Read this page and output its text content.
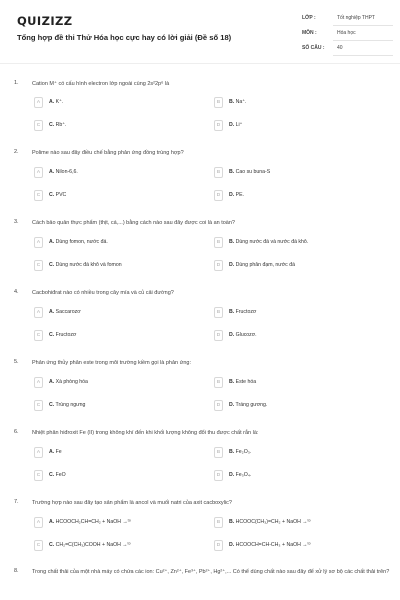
QUIZIZZ
Tổng hợp đề thi Thử Hóa học cực hay có lời giải (Đề số 18)
LỚP :	Tốt nghiệp THPT
MÔN :	Hóa học
SỐ CÂU :	40
1. Cation M⁺ có cấu hình electron lớp ngoài cùng 2s²2p⁶ là
A	A. K⁺.	B	B. Na⁺.
C	C. Rb⁺.	D	D. Li⁺
2. Polime nào sau đây điều chế bằng phản ứng đồng trùng hợp?
A	A. Nilon-6,6.	B	B. Cao su buna-S
C	C. PVC	D	D. PE.
3. Cách bảo quản thực phẩm (thịt, cá,...) bằng cách nào sau đây được coi là an toàn?
A	A. Dùng fomon, nước đá.	B	B. Dùng nước đá và nước đá khô.
C	C. Dùng nước đá khô và fomon	D	D. Dùng phân đạm, nước đá
4. Cacbohiđrat nào có nhiều trong cây mía và củ cải đường?
A	A. Saccarozơ	B	B. Fructozơ
C	C. Fructozơ	D	D. Glucozơ.
5. Phản ứng thủy phân este trong môi trường kiềm gọi là phản ứng:
A	A. Xà phòng hóa	B	B. Este hóa
C	C. Trùng ngưng	D	D. Tráng gương.
6. Nhiệt phân hiđroxit Fe (II) trong không khí đến khi khối lượng không đổi thu được chất rắn là:
A	A. Fe	B	B. Fe₂O₃.
C	C. FeO	D	D. Fe₃O₄.
7. Trường hợp nào sau đây tạo sản phẩm là ancol và muối natri của axit cacboxylic?
A	A. HCOOCH₂CH=CH₂ + NaOH →ᵗᵒ	B	B. HCOOC(CH₃)=CH₂ + NaOH →ᵗᵒ
C	C. CH₂=C(CH₃)COOH + NaOH →ᵗᵒ	D	D. HCOOCH=CH-CH₃ + NaOH →ᵗᵒ
8. Trong chất thải của một nhà máy có chứa các ion: Cu²⁺, Zn²⁺, Fe³⁺, Pb²⁺, Hg²⁺,... Có thể dùng chất nào sau đây để xử lý sơ bộ các chất thải trên?
